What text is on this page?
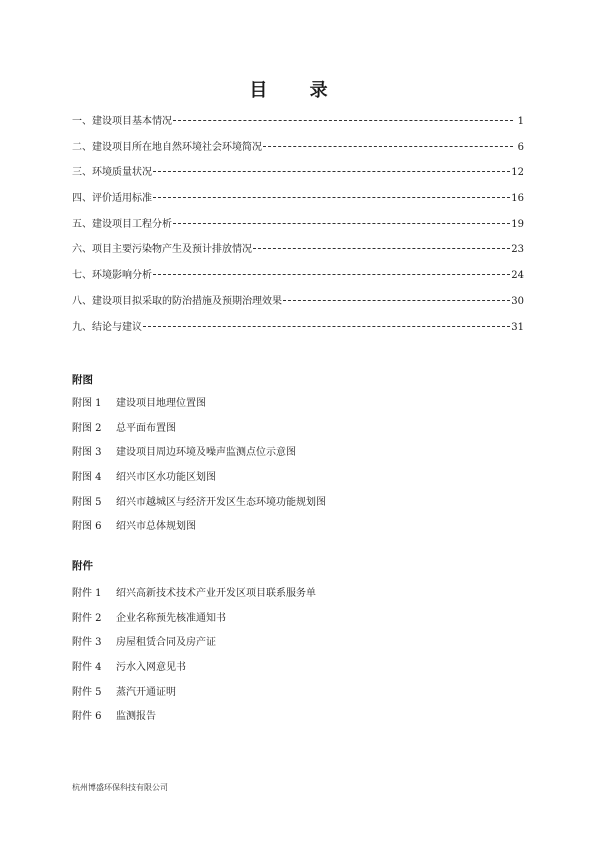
目 录
一、建设项目基本情况	1
二、建设项目所在地自然环境社会环境简况	6
三、环境质量状况	12
四、评价适用标准	16
五、建设项目工程分析	19
六、项目主要污染物产生及预计排放情况	23
七、环境影响分析	24
八、建设项目拟采取的防治措施及预期治理效果	30
九、结论与建议	31
附图
附图 1	建设项目地理位置图
附图 2	总平面布置图
附图 3	建设项目周边环境及噪声监测点位示意图
附图 4	绍兴市区水功能区划图
附图 5	绍兴市越城区与经济开发区生态环境功能规划图
附图 6	绍兴市总体规划图
附件
附件 1	绍兴高新技术技术产业开发区项目联系服务单
附件 2	企业名称预先核准通知书
附件 3	房屋租赁合同及房产证
附件 4	污水入网意见书
附件 5	蒸汽开通证明
附件 6	监测报告
杭州博盛环保科技有限公司
